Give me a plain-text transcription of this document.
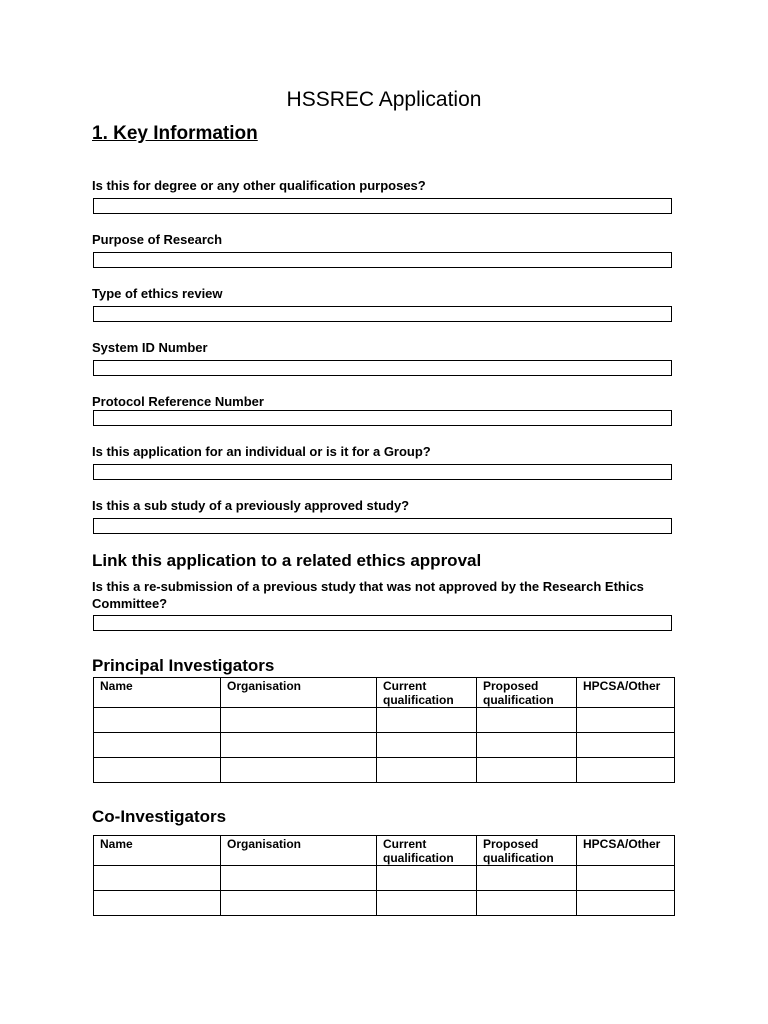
HSSREC Application
1. Key Information
Is this for degree or any other qualification purposes?
Purpose of Research
Type of ethics review
System ID Number
Protocol Reference Number
Is this application for an individual or is it for a Group?
Is this a sub study of a previously approved study?
Link this application to a related ethics approval
Is this a re-submission of a previous study that was not approved by the Research Ethics Committee?
Principal Investigators
Name	Organisation	Current qualification	Proposed qualification	HPCSA/Other

Co-Investigators
Name	Organisation	Current qualification	Proposed qualification	HPCSA/Other
